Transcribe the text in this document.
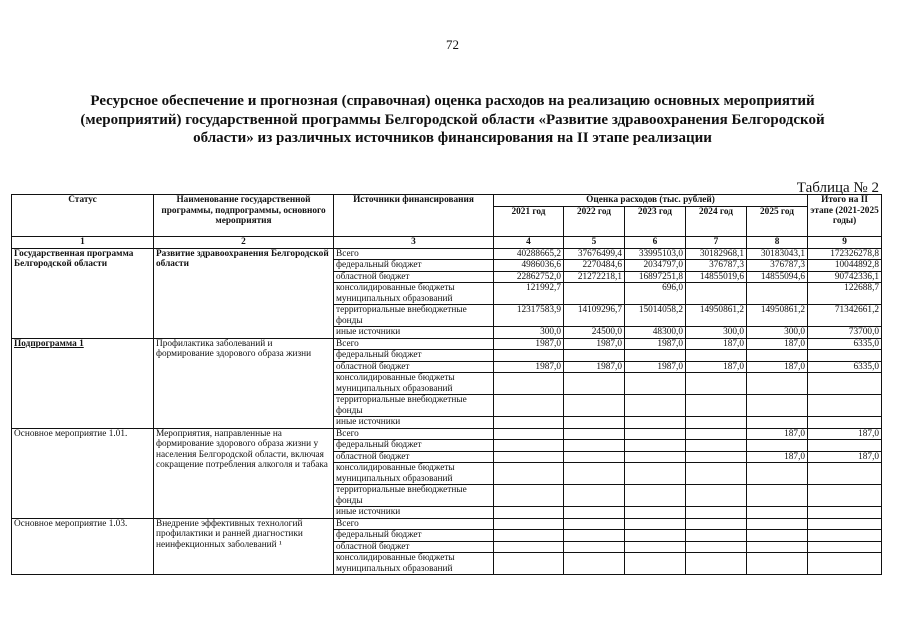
72
Ресурсное обеспечение и прогнозная (справочная) оценка расходов на реализацию основных мероприятий (мероприятий) государственной программы Белгородской области «Развитие здравоохранения Белгородской области» из различных источников финансирования на II этапе реализации
Таблица № 2
Статус	Наименование государственной программы, подпрограммы, основного мероприятия	Источники финансирования	Оценка расходов (тыс. рублей)					Итого на II этапе (2021-2025 годы)
			2021 год	2022 год	2023 год	2024 год	2025 год	
1	2	3	4	5	6	7	8	9
Государственная программа Белгородской области	Развитие здравоохранения Белгородской области	Всего	40288665,2	37676499,4	33995103,0	30182968,1	30183043,1	172326278,8
		федеральный бюджет	4986036,6	2270484,6	2034797,0	376787,3	376787,3	10044892,8
		областной бюджет	22862752,0	21272218,1	16897251,8	14855019,6	14855094,6	90742336,1
		консолидированные бюджеты муниципальных образований	121992,7		696,0			122688,7
		территориальные внебюджетные фонды	12317583,9	14109296,7	15014058,2	14950861,2	14950861,2	71342661,2
		иные источники	300,0	24500,0	48300,0	300,0	300,0	73700,0
Подпрограмма 1	Профилактика заболеваний и формирование здорового образа жизни	Всего	1987,0	1987,0	1987,0	187,0	187,0	6335,0
		федеральный бюджет						
		областной бюджет	1987,0	1987,0	1987,0	187,0	187,0	6335,0
		консолидированные бюджеты муниципальных образований						
		территориальные внебюджетные фонды						
		иные источники						
Основное мероприятие 1.01.	Мероприятия, направленные на формирование здорового образа жизни у населения Белгородской области, включая сокращение потребления алкоголя и табака	Всего					187,0	187,0
		федеральный бюджет						
		областной бюджет					187,0	187,0
		консолидированные бюджеты муниципальных образований						
		территориальные внебюджетные фонды						
		иные источники						
Основное мероприятие 1.03.	Внедрение эффективных технологий профилактики и ранней диагностики неинфекционных заболеваний ¹	Всего						
		федеральный бюджет						
		областной бюджет						
		консолидированные бюджеты муниципальных образований						
